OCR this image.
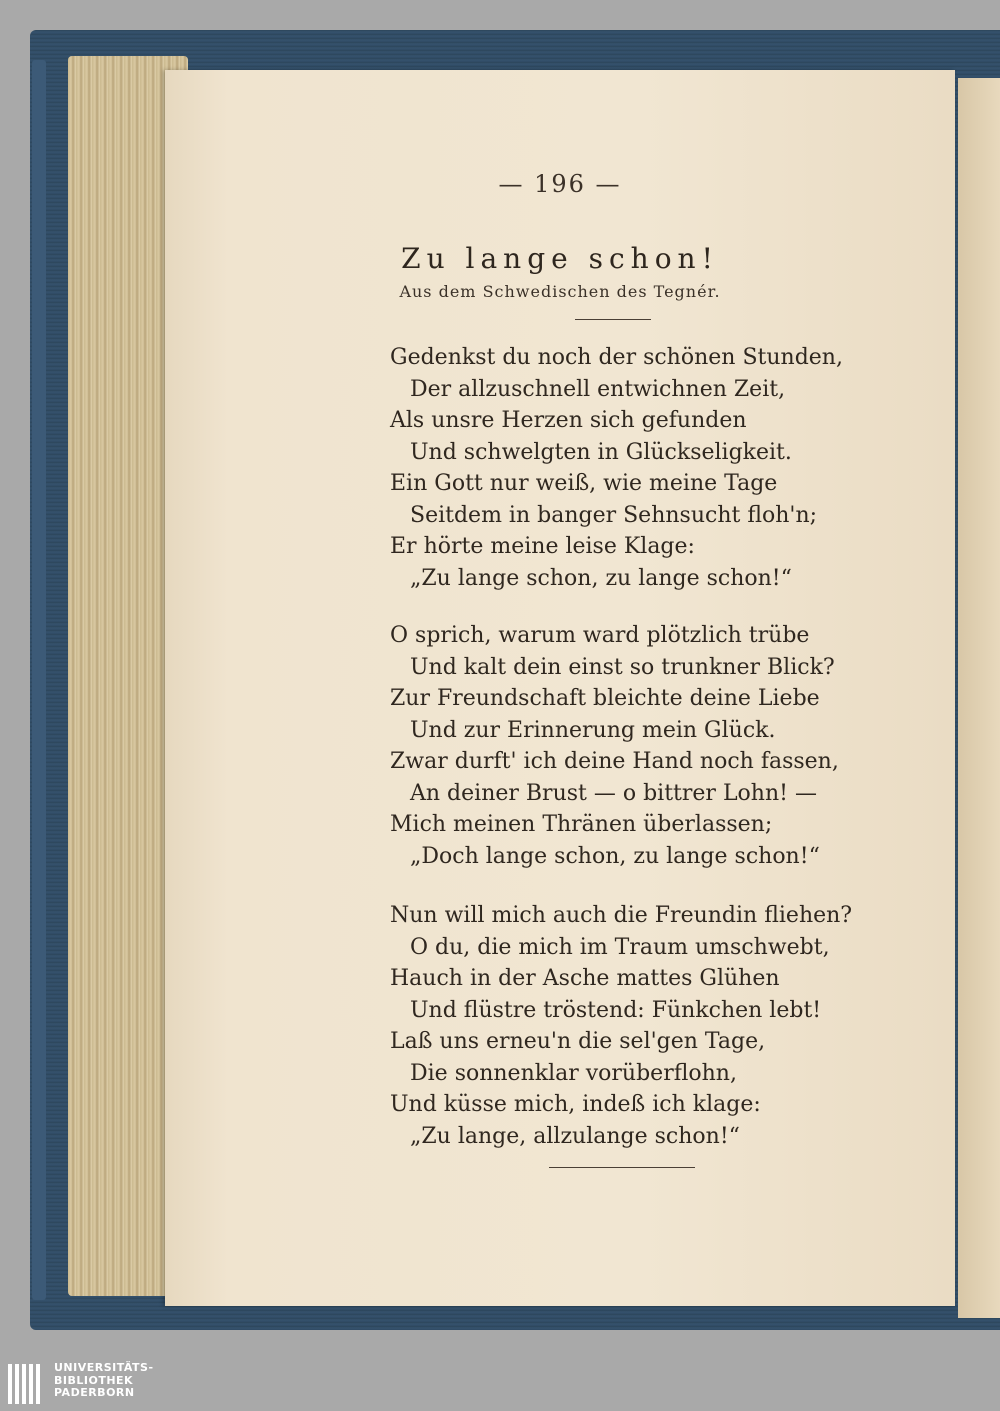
— 196 —
Zu lange schon!
Aus dem Schwedischen des Tegnér.
Gedenkst du noch der schönen Stunden,
Der allzuschnell entwichnen Zeit,
Als unsre Herzen sich gefunden
Und schwelgten in Glückseligkeit.
Ein Gott nur weiß, wie meine Tage
Seitdem in banger Sehnsucht floh'n;
Er hörte meine leise Klage:
„Zu lange schon, zu lange schon!“
O sprich, warum ward plötzlich trübe
Und kalt dein einst so trunkner Blick?
Zur Freundschaft bleichte deine Liebe
Und zur Erinnerung mein Glück.
Zwar durft' ich deine Hand noch fassen,
An deiner Brust — o bittrer Lohn! —
Mich meinen Thränen überlassen;
„Doch lange schon, zu lange schon!“
Nun will mich auch die Freundin fliehen?
O du, die mich im Traum umschwebt,
Hauch in der Asche mattes Glühen
Und flüstre tröstend: Fünkchen lebt!
Laß uns erneu'n die sel'gen Tage,
Die sonnenklar vorüberflohn,
Und küsse mich, indeß ich klage:
„Zu lange, allzulange schon!“
UNIVERSITÄTS-
BIBLIOTHEK
PADERBORN
